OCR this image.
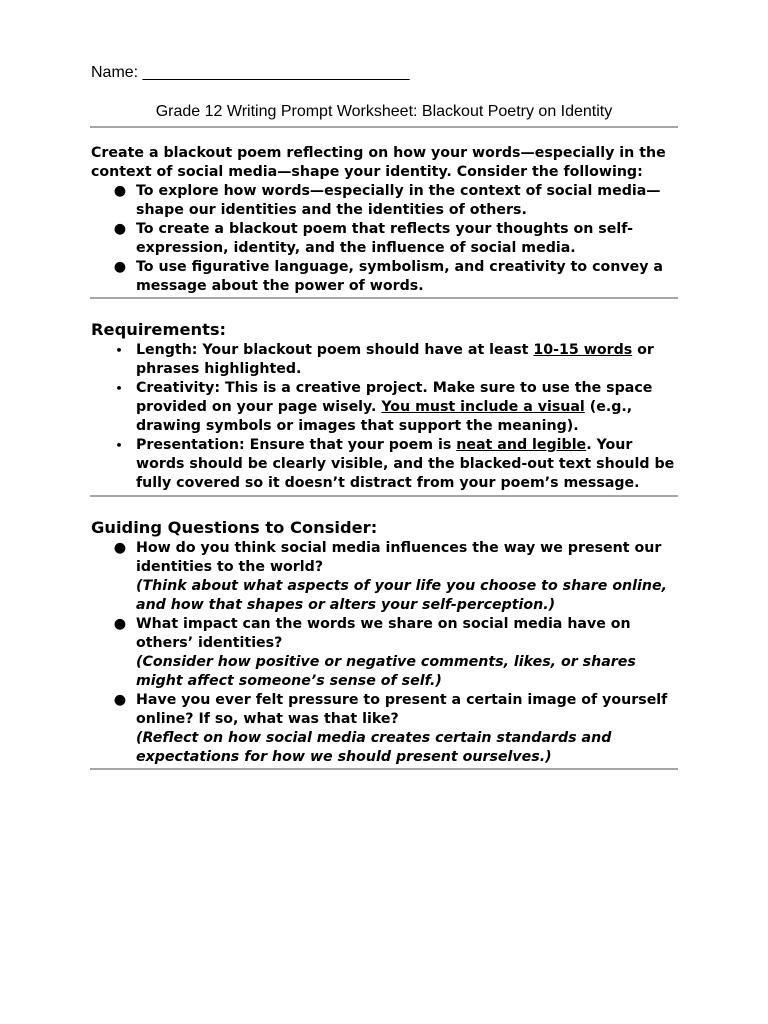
Name: ______________________________
Grade 12 Writing Prompt Worksheet: Blackout Poetry on Identity
Create a blackout poem reflecting on how your words—especially in the context of social media—shape your identity. Consider the following:
● To explore how words—especially in the context of social media—shape our identities and the identities of others.
● To create a blackout poem that reflects your thoughts on self-expression, identity, and the influence of social media.
● To use figurative language, symbolism, and creativity to convey a message about the power of words.
Requirements:
• Length: Your blackout poem should have at least 10-15 words or phrases highlighted.
• Creativity: This is a creative project. Make sure to use the space provided on your page wisely. You must include a visual (e.g., drawing symbols or images that support the meaning).
• Presentation: Ensure that your poem is neat and legible. Your words should be clearly visible, and the blacked-out text should be fully covered so it doesn’t distract from your poem’s message.
Guiding Questions to Consider:
● How do you think social media influences the way we present our identities to the world?
(Think about what aspects of your life you choose to share online, and how that shapes or alters your self-perception.)
● What impact can the words we share on social media have on others’ identities?
(Consider how positive or negative comments, likes, or shares might affect someone’s sense of self.)
● Have you ever felt pressure to present a certain image of yourself online? If so, what was that like?
(Reflect on how social media creates certain standards and expectations for how we should present ourselves.)
